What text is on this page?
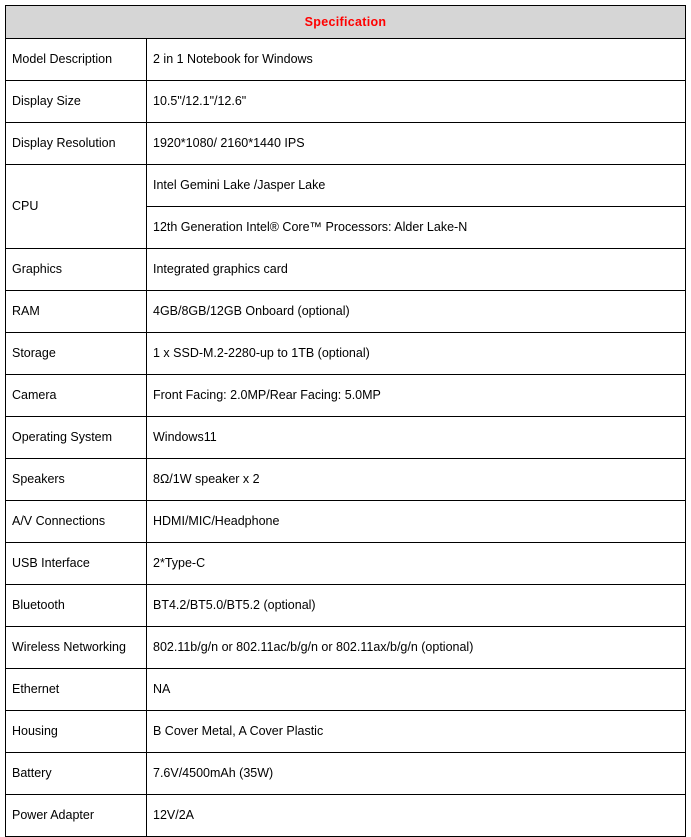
Specification	
Model Description	2 in 1 Notebook for Windows
Display Size	10.5"/12.1"/12.6"
Display Resolution	1920*1080/ 2160*1440 IPS
CPU	Intel Gemini Lake /Jasper Lake
	12th Generation Intel® Core™ Processors: Alder Lake-N
Graphics	Integrated graphics card
RAM	4GB/8GB/12GB Onboard (optional)
Storage	1 x SSD-M.2-2280-up to 1TB (optional)
Camera	Front Facing: 2.0MP/Rear Facing: 5.0MP
Operating System	Windows11
Speakers	8Ω/1W speaker x 2
A/V Connections	HDMI/MIC/Headphone
USB Interface	2*Type-C
Bluetooth	BT4.2/BT5.0/BT5.2 (optional)
Wireless Networking	802.11b/g/n or 802.11ac/b/g/n or 802.11ax/b/g/n (optional)
Ethernet	NA
Housing	B Cover Metal, A Cover Plastic
Battery	7.6V/4500mAh (35W)
Power Adapter	12V/2A
